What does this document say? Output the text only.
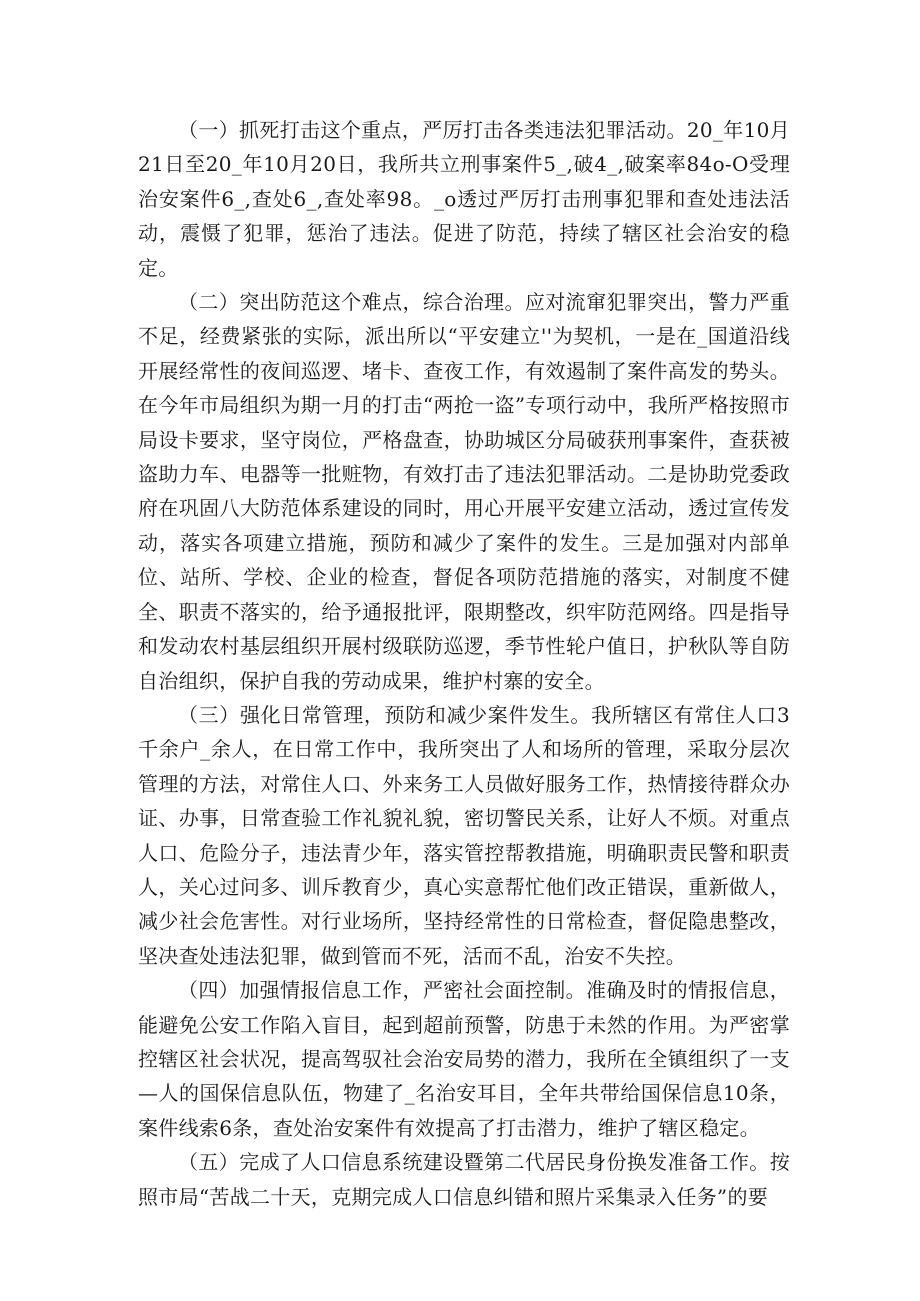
（一）抓死打击这个重点，严厉打击各类违法犯罪活动。20_年10月21日至20_年10月20日，我所共立刑事案件5_,破4_,破案率84o-O受理治安案件6_,查处6_,查处率98。_o透过严厉打击刑事犯罪和查处违法活动，震慑了犯罪，惩治了违法。促进了防范，持续了辖区社会治安的稳定。

（二）突出防范这个难点，综合治理。应对流窜犯罪突出，警力严重不足，经费紧张的实际，派出所以“平安建立''为契机，一是在_国道沿线开展经常性的夜间巡逻、堵卡、查夜工作，有效遏制了案件高发的势头。在今年市局组织为期一月的打击“两抢一盗”专项行动中，我所严格按照市局设卡要求，坚守岗位，严格盘查，协助城区分局破获刑事案件，查获被盗助力车、电器等一批赃物，有效打击了违法犯罪活动。二是协助党委政府在巩固八大防范体系建设的同时，用心开展平安建立活动，透过宣传发动，落实各项建立措施，预防和减少了案件的发生。三是加强对内部单位、站所、学校、企业的检查，督促各项防范措施的落实，对制度不健全、职责不落实的，给予通报批评，限期整改，织牢防范网络。四是指导和发动农村基层组织开展村级联防巡逻，季节性轮户值日，护秋队等自防自治组织，保护自我的劳动成果，维护村寨的安全。

（三）强化日常管理，预防和减少案件发生。我所辖区有常住人口3千余户_余人，在日常工作中，我所突出了人和场所的管理，采取分层次管理的方法，对常住人口、外来务工人员做好服务工作，热情接待群众办证、办事，日常查验工作礼貌礼貌，密切警民关系，让好人不烦。对重点人口、危险分子，违法青少年，落实管控帮教措施，明确职责民警和职责人，关心过问多、训斥教育少，真心实意帮忙他们改正错误，重新做人，减少社会危害性。对行业场所，坚持经常性的日常检查，督促隐患整改，坚决查处违法犯罪，做到管而不死，活而不乱，治安不失控。

（四）加强情报信息工作，严密社会面控制。准确及时的情报信息，能避免公安工作陷入盲目，起到超前预警，防患于未然的作用。为严密掌控辖区社会状况，提高驾驭社会治安局势的潜力，我所在全镇组织了一支—人的国保信息队伍，物建了_名治安耳目，全年共带给国保信息10条，案件线索6条，查处治安案件有效提高了打击潜力，维护了辖区稳定。

（五）完成了人口信息系统建设暨第二代居民身份换发准备工作。按照市局“苦战二十天，克期完成人口信息纠错和照片采集录入任务”的要
